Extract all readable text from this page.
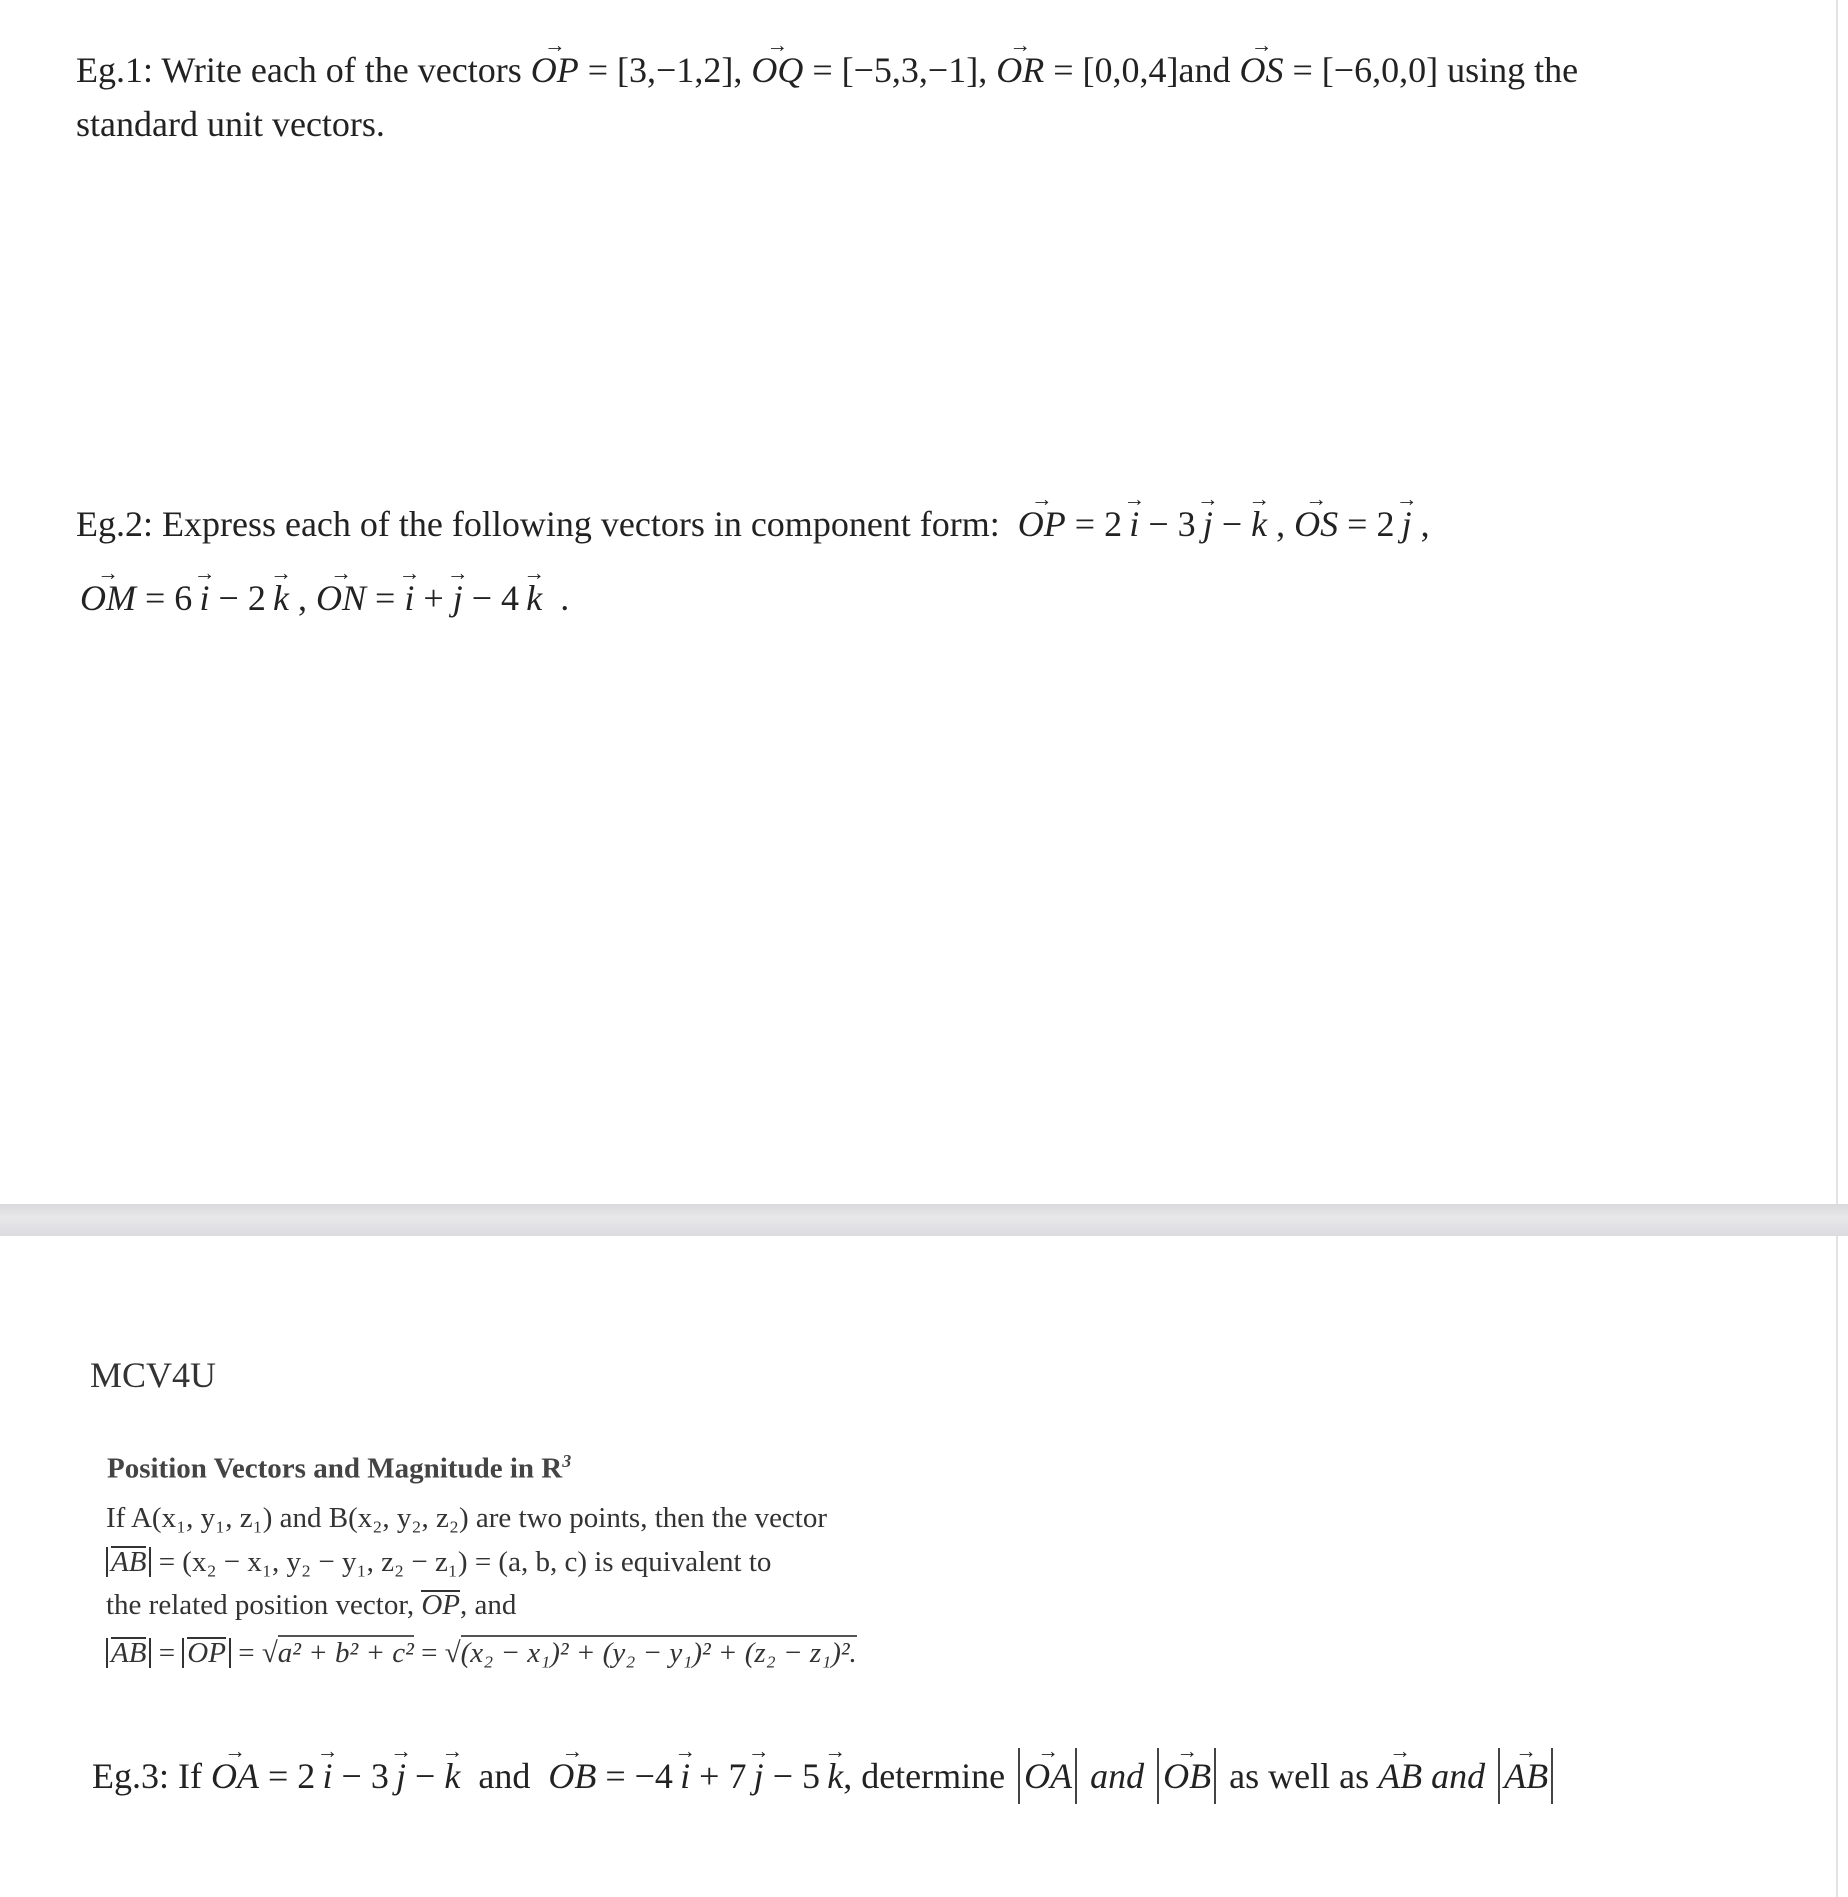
Eg.1: Write each of the vectors → OP = [3,−1,2], → OQ = [−5,3,−1], → OR = [0,0,4]and → OS = [−6,0,0] using the
standard unit vectors.
Eg.2: Express each of the following vectors in component form: → OP = 2 → i − 3 → j − → k , → OS = 2 → j ,
→ OM = 6 → i − 2 → k , → ON = → i + → j − 4 → k  .
MCV4U
Position Vectors and Magnitude in $R^3$
If A(x₁, y₁, z₁) and B(x₂, y₂, z₂) are two points, then the vector
AB = (x₂ − x₁, y₂ − y₁, z₂ − z₁) = (a, b, c) is equivalent to
the related position vector, OP, and
AB = OP = √a² + b² + c² = √(x₂ − x₁)² + (y₂ − y₁)² + (z₂ − z₁)².
Eg.3: If → OA = 2 → i − 3 → j − → k and → OB = −4 → i + 7 → j − 5 → k, determine → OA and → OB as well as → AB and → AB
